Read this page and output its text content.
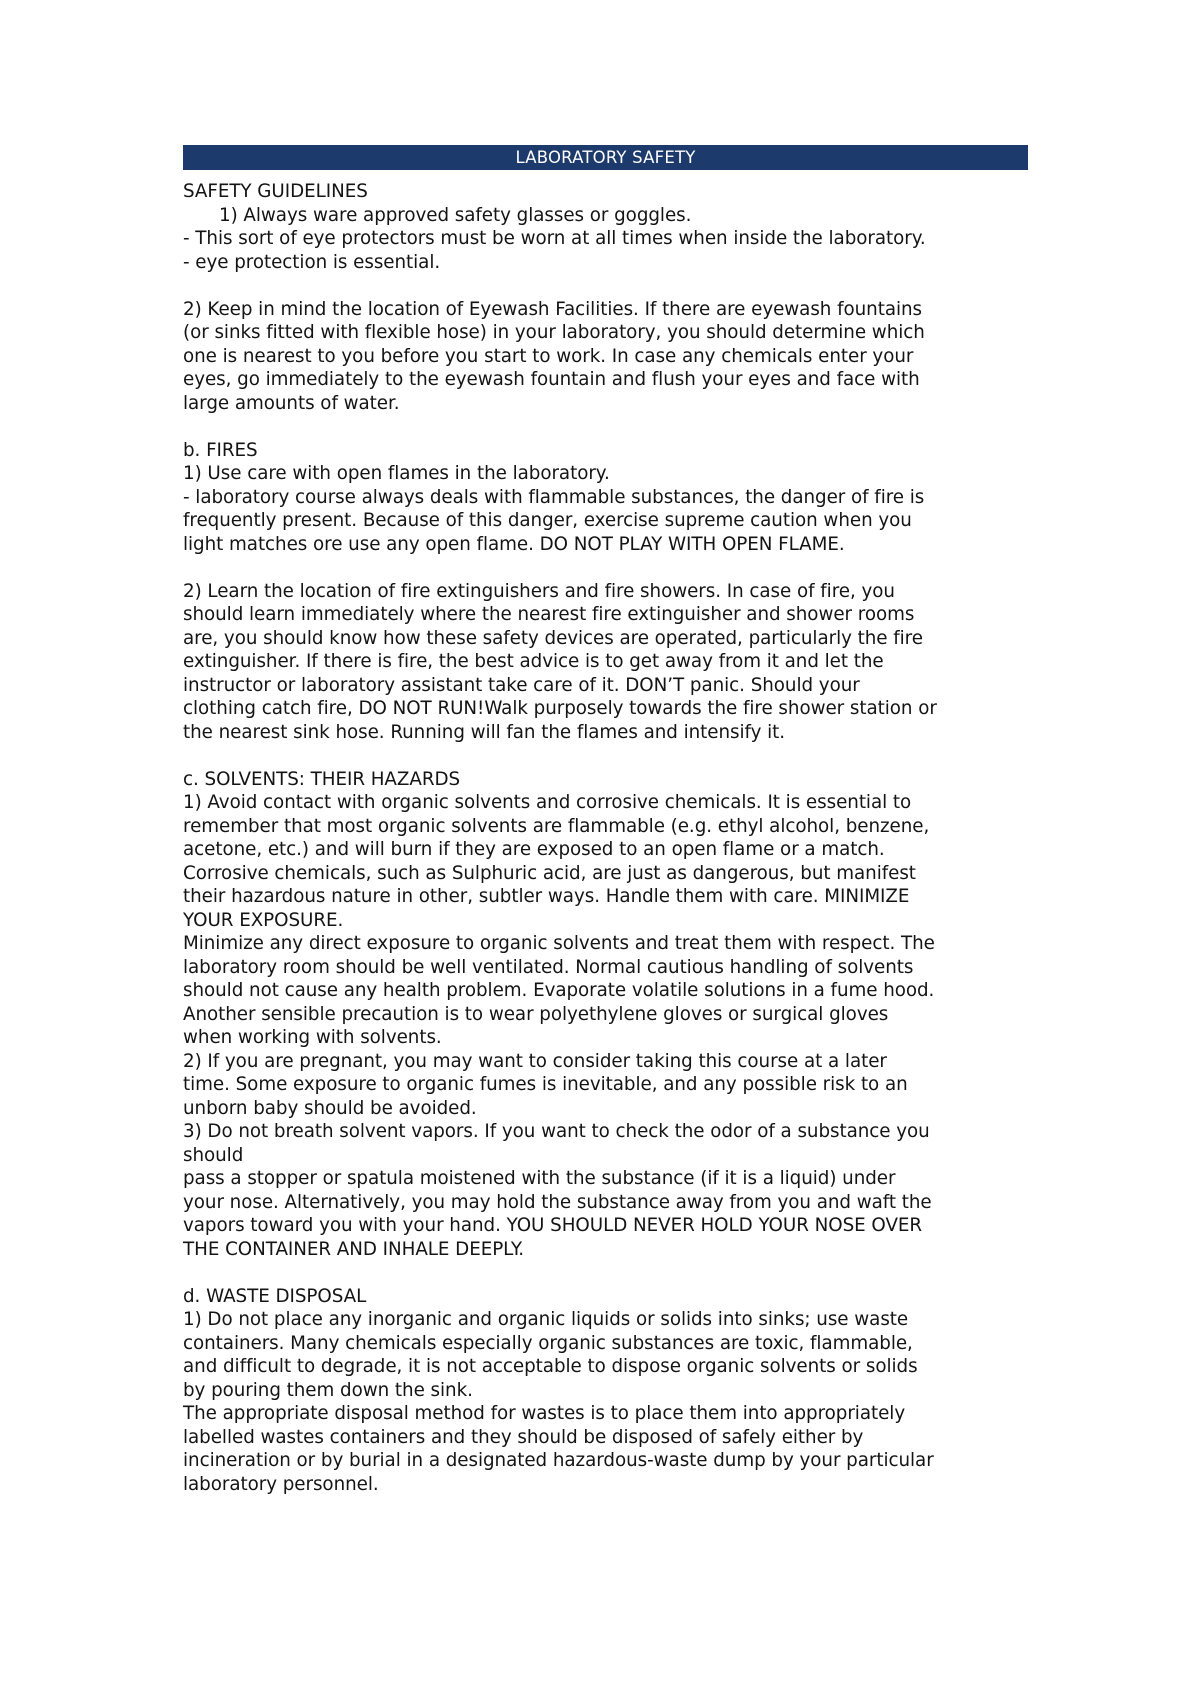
LABORATORY SAFETY
SAFETY GUIDELINES
1) Always ware approved safety glasses or goggles.
- This sort of eye protectors must be worn at all times when inside the laboratory.
- eye protection is essential.
2) Keep in mind the location of Eyewash Facilities. If there are eyewash fountains
(or sinks fitted with flexible hose) in your laboratory, you should determine which
one is nearest to you before you start to work. In case any chemicals enter your
eyes, go immediately to the eyewash fountain and flush your eyes and face with
large amounts of water.
b. FIRES
1) Use care with open flames in the laboratory.
- laboratory course always deals with flammable substances, the danger of fire is
frequently present. Because of this danger, exercise supreme caution when you
light matches ore use any open flame. DO NOT PLAY WITH OPEN FLAME.
2) Learn the location of fire extinguishers and fire showers. In case of fire, you
should learn immediately where the nearest fire extinguisher and shower rooms
are, you should know how these safety devices are operated, particularly the fire
extinguisher. If there is fire, the best advice is to get away from it and let the
instructor or laboratory assistant take care of it. DON’T panic. Should your
clothing catch fire, DO NOT RUN!Walk purposely towards the fire shower station or
the nearest sink hose. Running will fan the flames and intensify it.
c. SOLVENTS: THEIR HAZARDS
1) Avoid contact with organic solvents and corrosive chemicals. It is essential to
remember that most organic solvents are flammable (e.g. ethyl alcohol, benzene,
acetone, etc.) and will burn if they are exposed to an open flame or a match.
Corrosive chemicals, such as Sulphuric acid, are just as dangerous, but manifest
their hazardous nature in other, subtler ways. Handle them with care. MINIMIZE
YOUR EXPOSURE.
Minimize any direct exposure to organic solvents and treat them with respect. The
laboratory room should be well ventilated. Normal cautious handling of solvents
should not cause any health problem. Evaporate volatile solutions in a fume hood.
Another sensible precaution is to wear polyethylene gloves or surgical gloves
when working with solvents.
2) If you are pregnant, you may want to consider taking this course at a later
time. Some exposure to organic fumes is inevitable, and any possible risk to an
unborn baby should be avoided.
3) Do not breath solvent vapors. If you want to check the odor of a substance you
should
pass a stopper or spatula moistened with the substance (if it is a liquid) under
your nose. Alternatively, you may hold the substance away from you and waft the
vapors toward you with your hand. YOU SHOULD NEVER HOLD YOUR NOSE OVER
THE CONTAINER AND INHALE DEEPLY.
d. WASTE DISPOSAL
1) Do not place any inorganic and organic liquids or solids into sinks; use waste
containers. Many chemicals especially organic substances are toxic, flammable,
and difficult to degrade, it is not acceptable to dispose organic solvents or solids
by pouring them down the sink.
The appropriate disposal method for wastes is to place them into appropriately
labelled wastes containers and they should be disposed of safely either by
incineration or by burial in a designated hazardous-waste dump by your particular
laboratory personnel.
